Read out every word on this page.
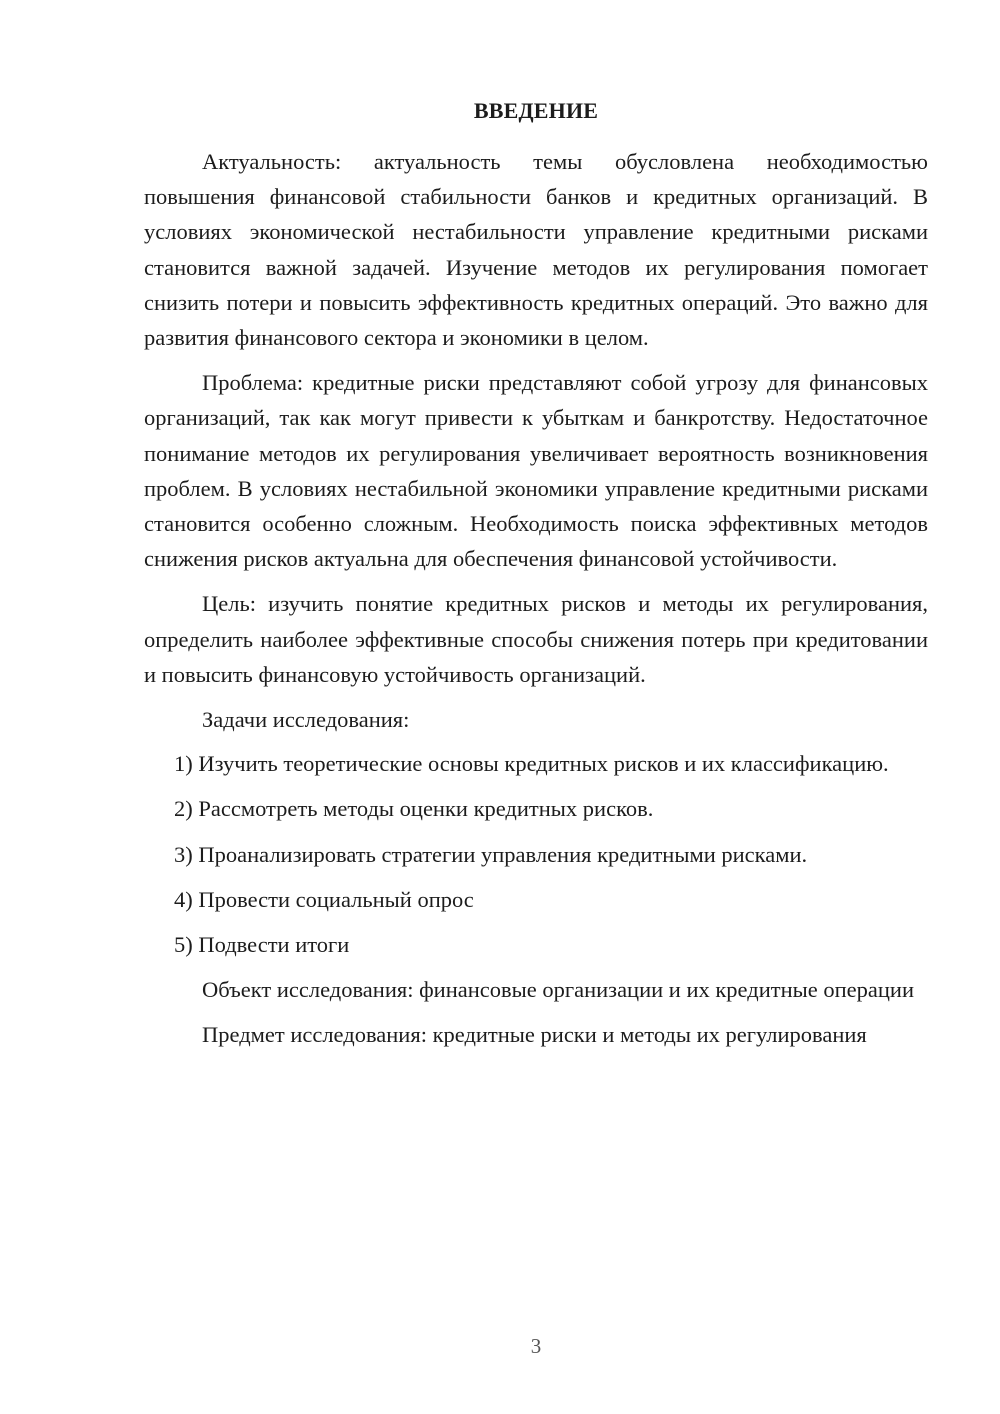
ВВЕДЕНИЕ

Актуальность: актуальность темы обусловлена необходимостью повышения финансовой стабильности банков и кредитных организаций. В условиях экономической нестабильности управление кредитными рисками становится важной задачей. Изучение методов их регулирования помогает снизить потери и повысить эффективность кредитных операций. Это важно для развития финансового сектора и экономики в целом.

Проблема: кредитные риски представляют собой угрозу для финансовых организаций, так как могут привести к убыткам и банкротству. Недостаточное понимание методов их регулирования увеличивает вероятность возникновения проблем. В условиях нестабильной экономики управление кредитными рисками становится особенно сложным. Необходимость поиска эффективных методов снижения рисков актуальна для обеспечения финансовой устойчивости.

Цель: изучить понятие кредитных рисков и методы их регулирования, определить наиболее эффективные способы снижения потерь при кредитовании и повысить финансовую устойчивость организаций.

Задачи исследования:

1) Изучить теоретические основы кредитных рисков и их классификацию.

2) Рассмотреть методы оценки кредитных рисков.

3) Проанализировать стратегии управления кредитными рисками.

4) Провести социальный опрос

5) Подвести итоги

Объект исследования: финансовые организации и их кредитные операции

Предмет исследования: кредитные риски и методы их регулирования

3
